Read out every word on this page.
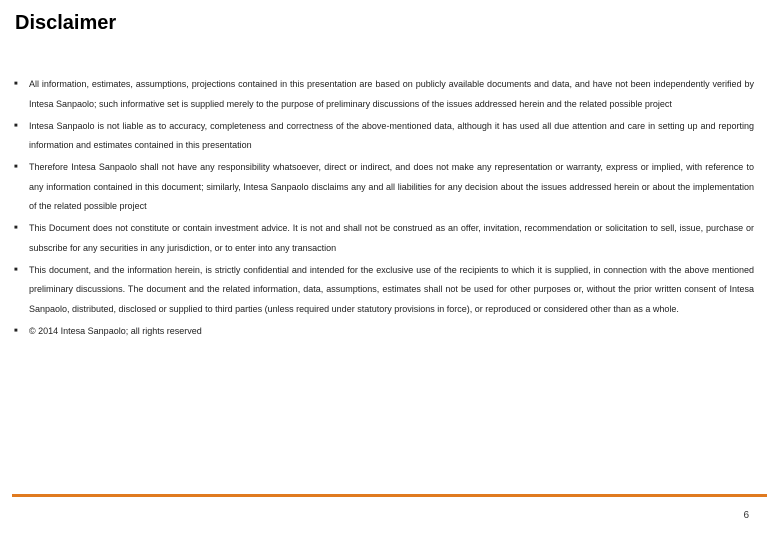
Disclaimer
■ All information, estimates, assumptions, projections contained in this presentation are based on publicly available documents and data, and have not been independently verified by Intesa Sanpaolo; such informative set is supplied merely to the purpose of preliminary discussions of the issues addressed herein and the related possible project
■ Intesa Sanpaolo is not liable as to accuracy, completeness and correctness of the above-mentioned data, although it has used all due attention and care in setting up and reporting information and estimates contained in this presentation
■ Therefore Intesa Sanpaolo shall not have any responsibility whatsoever, direct or indirect, and does not make any representation or warranty, express or implied, with reference to any information contained in this document; similarly, Intesa Sanpaolo disclaims any and all liabilities for any decision about the issues addressed herein or about the implementation of the related possible project
■ This Document does not constitute or contain investment advice. It is not and shall not be construed as an offer, invitation, recommendation or solicitation to sell, issue, purchase or subscribe for any securities in any jurisdiction, or to enter into any transaction
■ This document, and the information herein, is strictly confidential and intended for the exclusive use of the recipients to which it is supplied, in connection with the above mentioned preliminary discussions. The document and the related information, data, assumptions, estimates shall not be used for other purposes or, without the prior written consent of Intesa Sanpaolo, distributed, disclosed or supplied to third parties (unless required under statutory provisions in force), or reproduced or considered other than as a whole.
■ © 2014 Intesa Sanpaolo; all rights reserved
6
